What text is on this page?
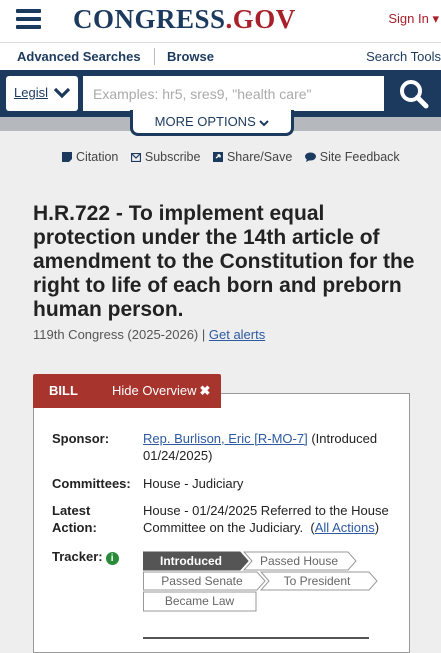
CONGRESS.GOV	Sign In ▾
Advanced Searches Browse	Search Tools
Legisl
Examples: hr5, sres9, "health care"
MORE OPTIONS
Citation Subscribe Share/Save Site Feedback
H.R.722 - To implement equal protection under the 14th article of amendment to the Constitution for the right to life of each born and preborn human person.
119th Congress (2025-2026) | Get alerts
BILL	Hide Overview ✖
Sponsor:	Rep. Burlison, Eric [R-MO-7] (Introduced 01/24/2025)
Committees: House - Judiciary
Latest
Action:
House - 01/24/2025 Referred to the House Committee on the Judiciary.  (All Actions)
Tracker: i	Introduced	Passed House
Passed Senate	To President
Became Law
